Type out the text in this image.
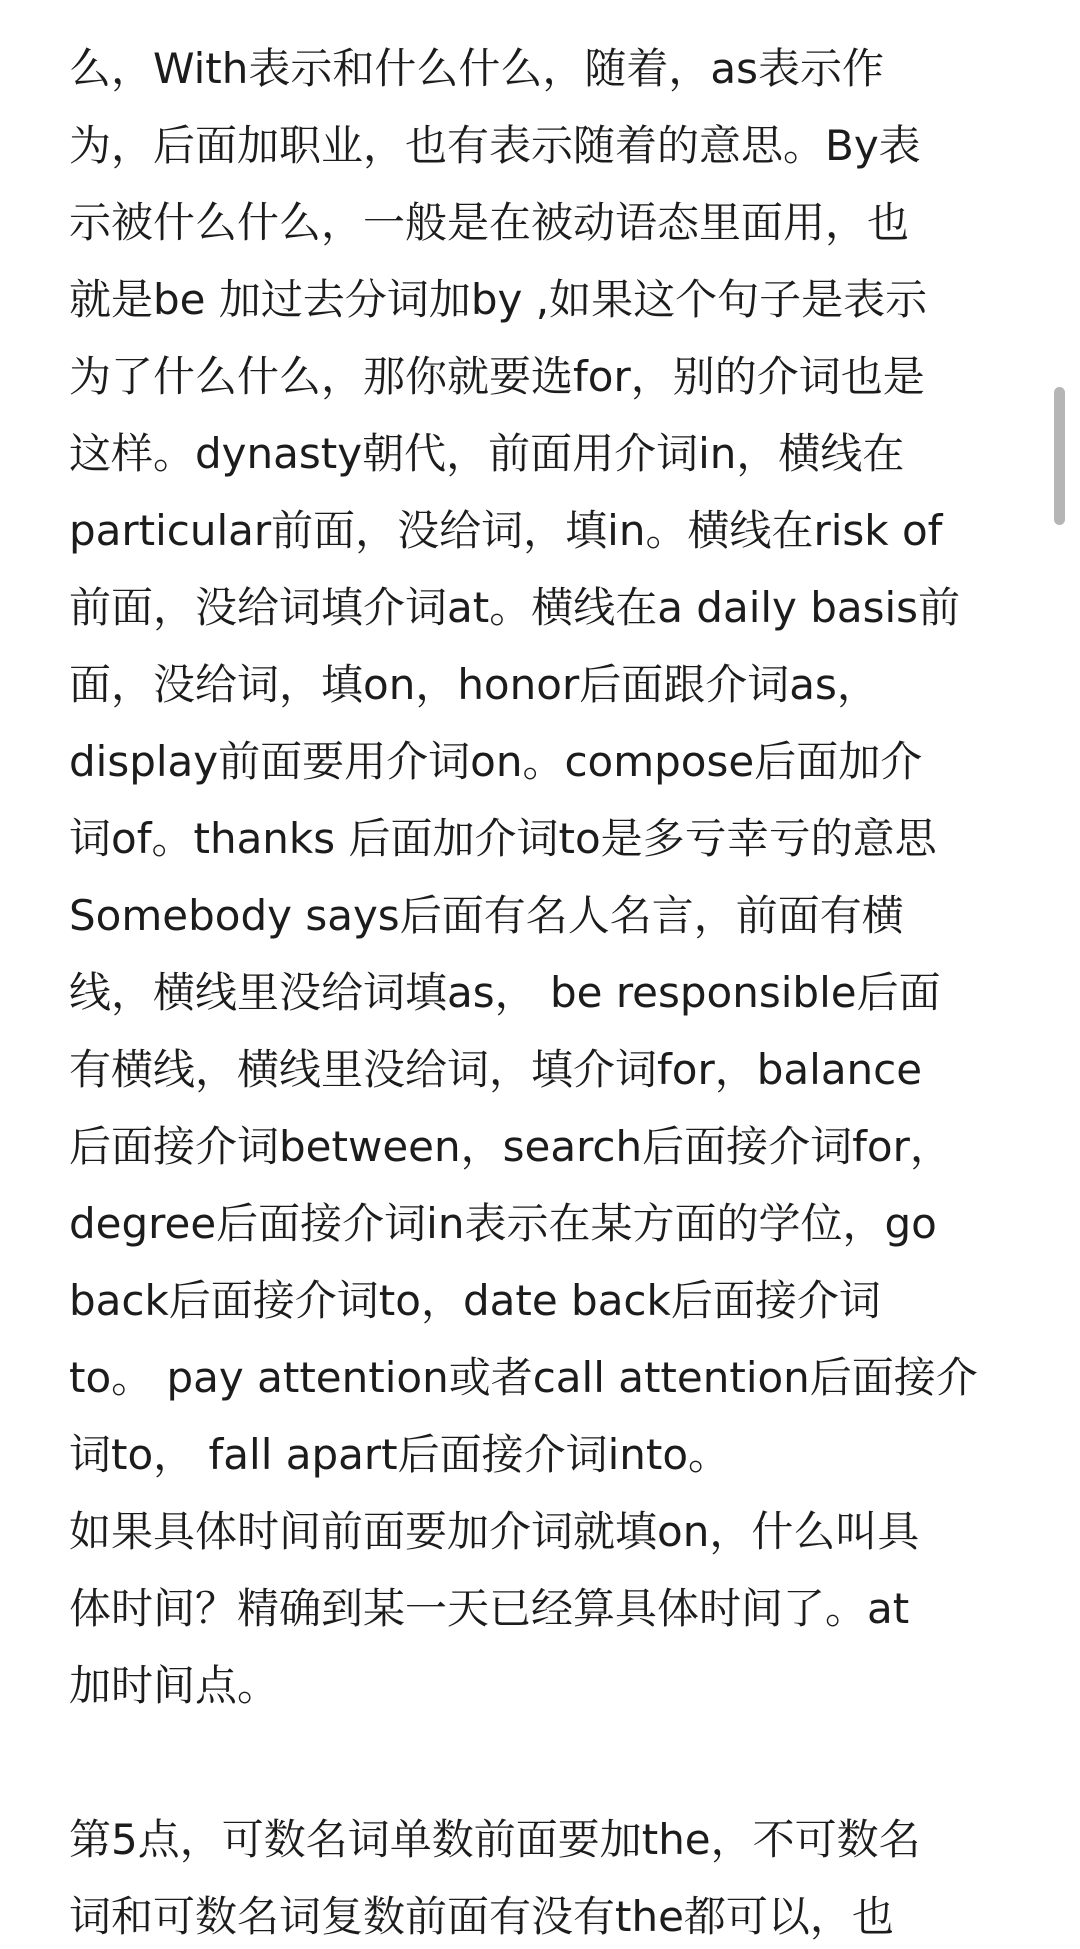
么，With表示和什么什么，随着，as表示作
为，后面加职业，也有表示随着的意思。By表
示被什么什么，一般是在被动语态里面用，也
就是be 加过去分词加by ,如果这个句子是表示
为了什么什么，那你就要选for，别的介词也是
这样。dynasty朝代，前面用介词in，横线在
particular前面，没给词，填in。横线在risk of
前面，没给词填介词at。横线在a daily basis前
面，没给词，填on，honor后面跟介词as，
display前面要用介词on。compose后面加介
词of。thanks 后面加介词to是多亏幸亏的意思
Somebody says后面有名人名言，前面有横
线，横线里没给词填as， be responsible后面
有横线，横线里没给词，填介词for，balance
后面接介词between，search后面接介词for，
degree后面接介词in表示在某方面的学位，go
back后面接介词to，date back后面接介词
to。 pay attention或者call attention后面接介
词to， fall apart后面接介词into。
如果具体时间前面要加介词就填on，什么叫具
体时间？精确到某一天已经算具体时间了。at
加时间点。
第5点，可数名词单数前面要加the，不可数名
词和可数名词复数前面有没有the都可以，也
